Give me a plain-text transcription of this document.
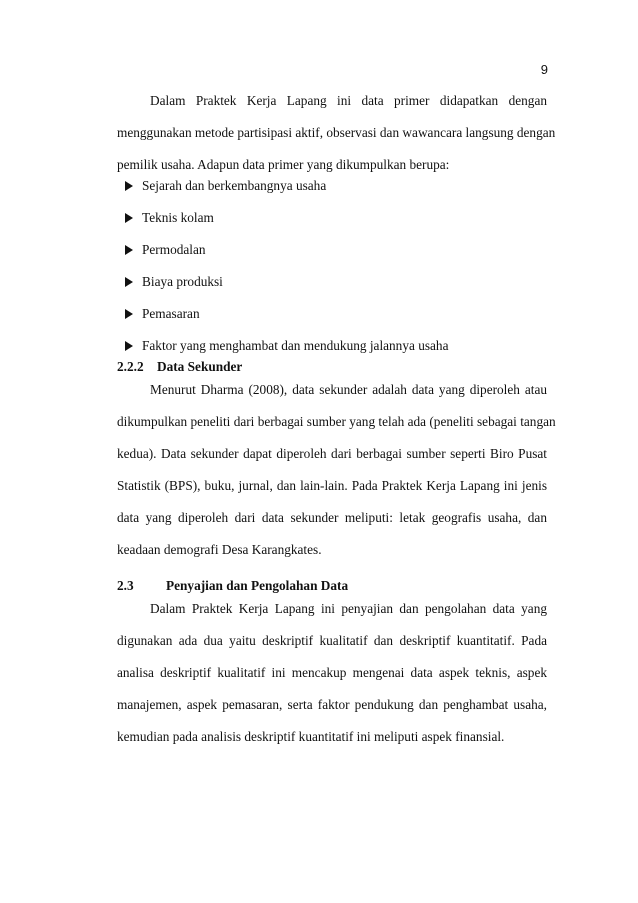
9

Dalam Praktek Kerja Lapang ini data primer didapatkan dengan
menggunakan metode partisipasi aktif, observasi dan wawancara langsung dengan
pemilik usaha. Adapun data primer yang dikumpulkan berupa:

Sejarah dan berkembangnya usaha
Teknis kolam
Permodalan
Biaya produksi
Pemasaran
Faktor yang menghambat dan mendukung jalannya usaha
2.2.2 Data Sekunder

Menurut Dharma (2008), data sekunder adalah data yang diperoleh atau
dikumpulkan peneliti dari berbagai sumber yang telah ada (peneliti sebagai tangan
kedua). Data sekunder dapat diperoleh dari berbagai sumber seperti Biro Pusat
Statistik (BPS), buku, jurnal, dan lain-lain. Pada Praktek Kerja Lapang ini jenis
data yang diperoleh dari data sekunder meliputi: letak geografis usaha, dan
keadaan demografi Desa Karangkates.

2.3 Penyajian dan Pengolahan Data

Dalam Praktek Kerja Lapang ini penyajian dan pengolahan data yang
digunakan ada dua yaitu deskriptif kualitatif dan deskriptif kuantitatif. Pada
analisa deskriptif kualitatif ini mencakup mengenai data aspek teknis, aspek
manajemen, aspek pemasaran, serta faktor pendukung dan penghambat usaha,
kemudian pada analisis deskriptif kuantitatif ini meliputi aspek finansial.
